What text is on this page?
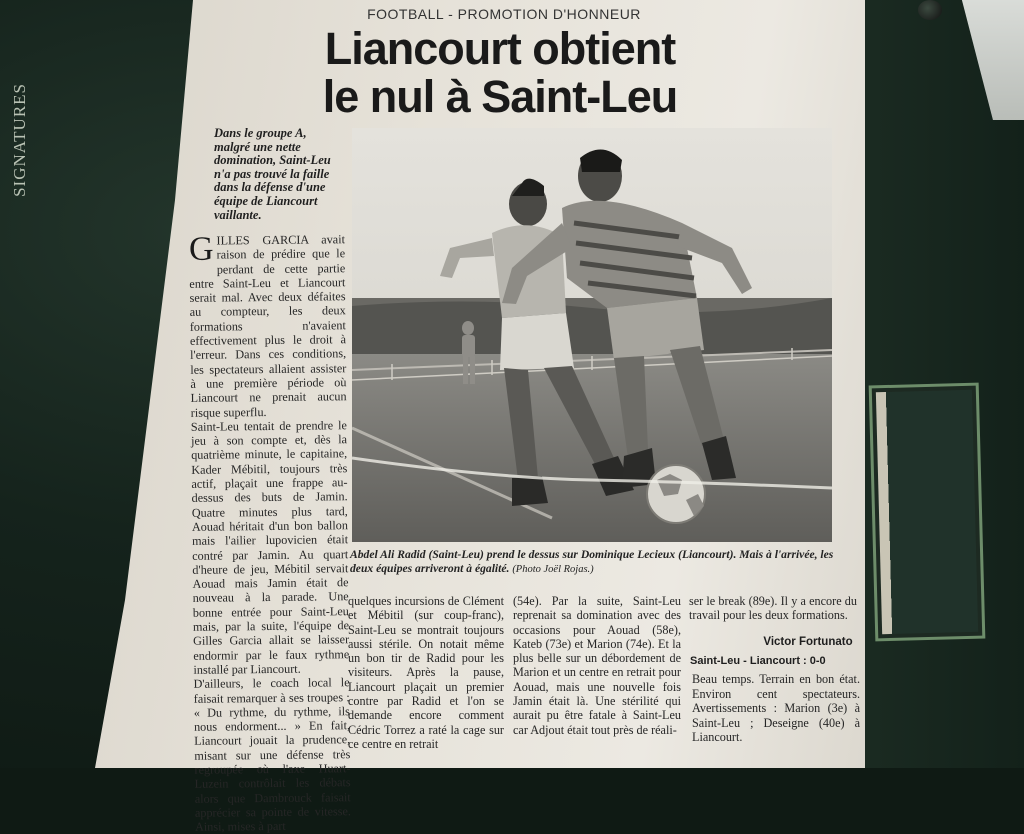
SIGNATURES
FOOTBALL - PROMOTION D'HONNEUR
Liancourt obtient
le nul à Saint-Leu
Dans le groupe A, malgré une nette domination, Saint-Leu n'a pas trouvé la faille dans la défense d'une équipe de Liancourt vaillante.

GILLES GARCIA avait raison de prédire que le perdant de cette partie entre Saint-Leu et Liancourt serait mal. Avec deux défaites au compteur, les deux formations n'avaient effectivement plus le droit à l'erreur. Dans ces conditions, les spectateurs allaient assister à une première période où Liancourt ne prenait aucun risque superflu.

Saint-Leu tentait de prendre le jeu à son compte et, dès la quatrième minute, le capitaine, Kader Mébitil, toujours très actif, plaçait une frappe au-dessus des buts de Jamin. Quatre minutes plus tard, Aouad héritait d'un bon ballon mais l'ailier lupovicien était contré par Jamin. Au quart d'heure de jeu, Mébitil servait Aouad mais Jamin était de nouveau à la parade. Une bonne entrée pour Saint-Leu mais, par la suite, l'équipe de Gilles Garcia allait se laisser endormir par le faux rythme installé par Liancourt.

D'ailleurs, le coach local le faisait remarquer à ses troupes : « Du rythme, du rythme, ils nous endorment... » En fait, Liancourt jouait la prudence, misant sur une défense très regroupée où l'axe Huart-Luzein contrôlait les débats alors que Dambrouck faisait apprécier sa pointe de vitesse. Ainsi, mises à part

Abdel Ali Radid (Saint-Leu) prend le dessus sur Dominique Lecieux (Liancourt). Mais à l'arrivée, les deux équipes arriveront à égalité. (Photo Joël Rojas.)
quelques incursions de Clément et Mébitil (sur coup-franc), Saint-Leu se montrait toujours aussi stérile. On notait même un bon tir de Radid pour les visiteurs. Après la pause, Liancourt plaçait un premier contre par Radid et l'on se demande encore comment Cédric Torrez a raté la cage sur ce centre en retrait
(54e). Par la suite, Saint-Leu reprenait sa domination avec des occasions pour Aouad (58e), Kateb (73e) et Marion (74e). Et la plus belle sur un débordement de Marion et un centre en retrait pour Aouad, mais une nouvelle fois Jamin était là. Une stérilité qui aurait pu être fatale à Saint-Leu car Adjout était tout près de réali-
ser le break (89e). Il y a encore du travail pour les deux formations.
Victor Fortunato
Saint-Leu - Liancourt : 0-0
Beau temps. Terrain en bon état. Environ cent spectateurs. Avertissements : Marion (3e) à Saint-Leu ; Deseigne (40e) à Liancourt.
